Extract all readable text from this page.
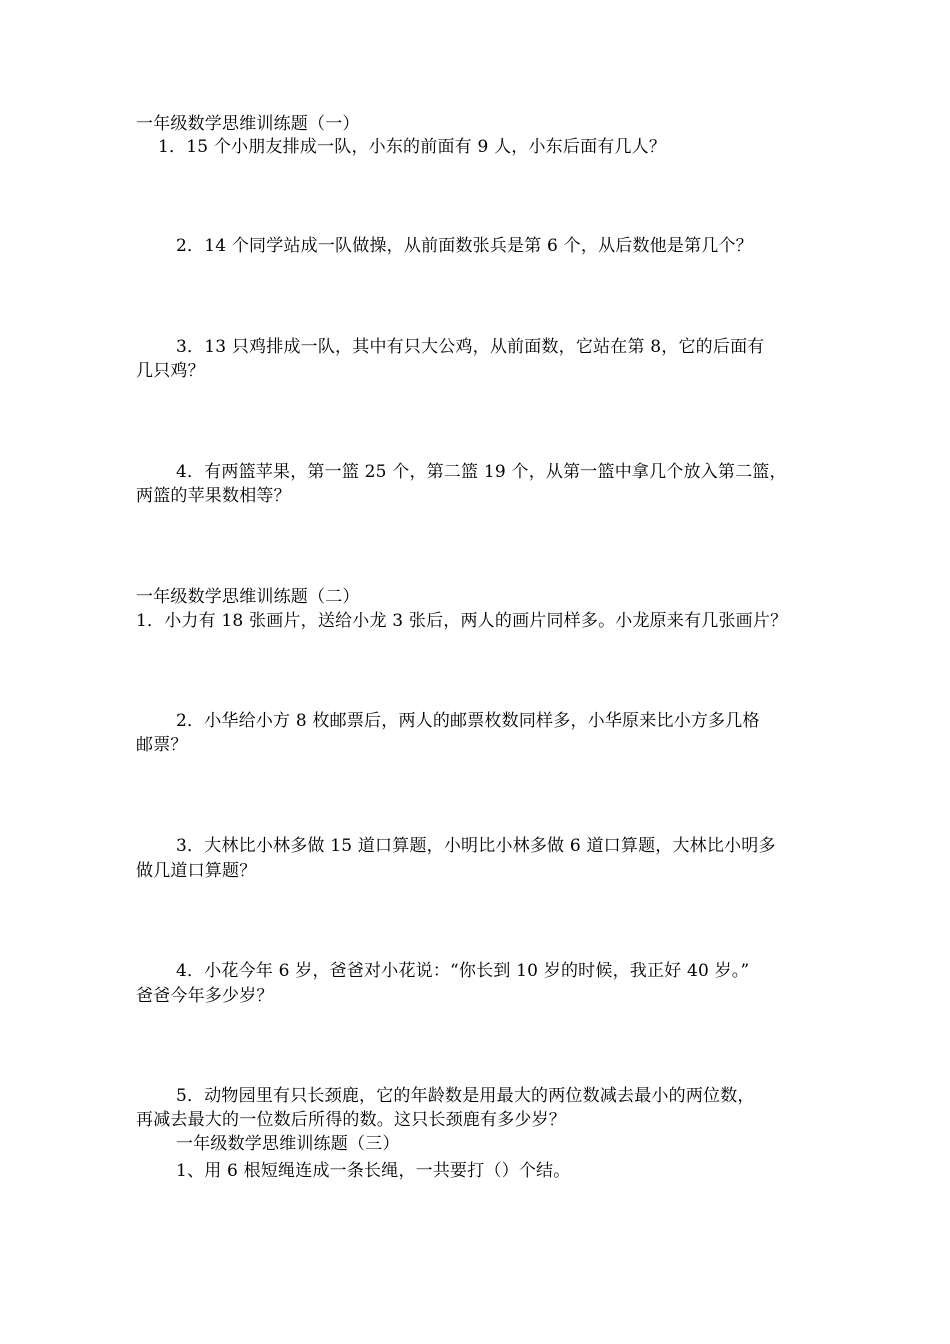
一年级数学思维训练题（一）
1．15 个小朋友排成一队，小东的前面有 9 人，小东后面有几人？
2．14 个同学站成一队做操，从前面数张兵是第 6 个，从后数他是第几个？
3．13 只鸡排成一队，其中有只大公鸡，从前面数，它站在第 8，它的后面有
几只鸡？
4．有两篮苹果，第一篮 25 个，第二篮 19 个，从第一篮中拿几个放入第二篮，
两篮的苹果数相等？
一年级数学思维训练题（二）
1．小力有 18 张画片，送给小龙 3 张后，两人的画片同样多。小龙原来有几张画片？
2．小华给小方 8 枚邮票后，两人的邮票枚数同样多，小华原来比小方多几格
邮票？
3．大林比小林多做 15 道口算题，小明比小林多做 6 道口算题，大林比小明多
做几道口算题？
4．小花今年 6 岁，爸爸对小花说：“你长到 10 岁的时候，我正好 40 岁。”
爸爸今年多少岁？
5．动物园里有只长颈鹿，它的年龄数是用最大的两位数减去最小的两位数，
再减去最大的一位数后所得的数。这只长颈鹿有多少岁？
一年级数学思维训练题（三）
1、用 6 根短绳连成一条长绳，一共要打（）个结。
